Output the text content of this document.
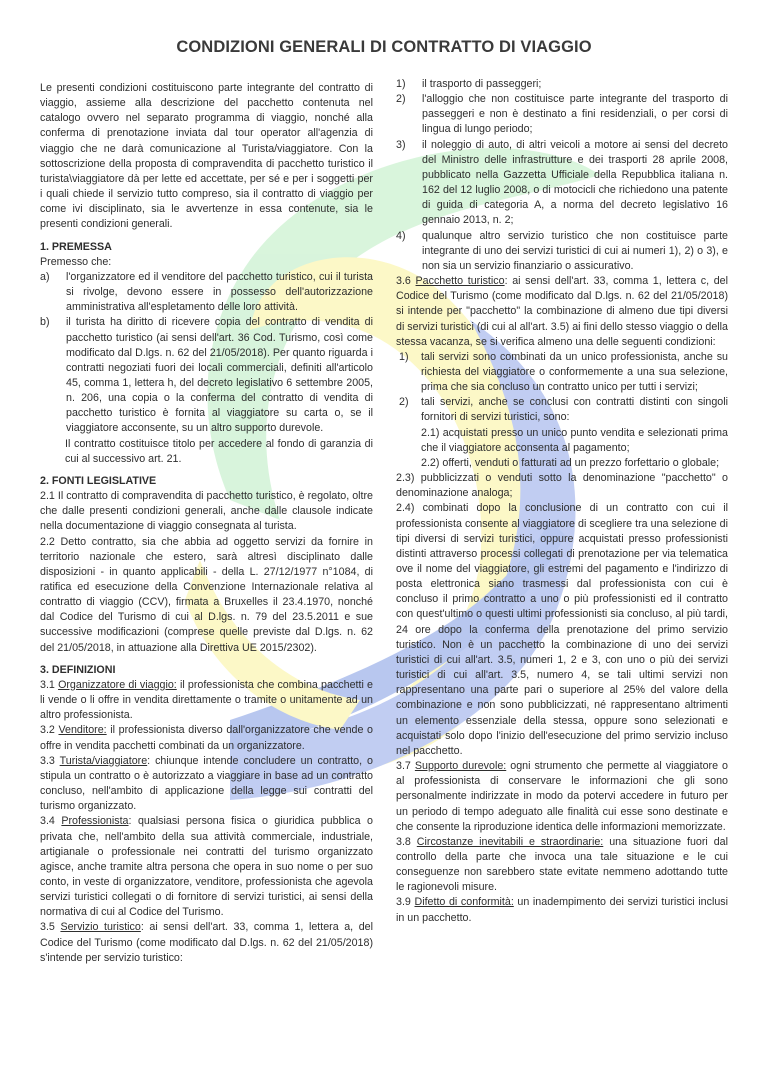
CONDIZIONI GENERALI DI CONTRATTO DI VIAGGIO

Le presenti condizioni costituiscono parte integrante del contratto di viaggio, assieme alla descrizione del pacchetto contenuta nel catalogo ovvero nel separato programma di viaggio, nonché alla conferma di prenotazione inviata dal tour operator all'agenzia di viaggio che ne darà comunicazione al Turista/viaggiatore. Con la sottoscrizione della proposta di compravendita di pacchetto turistico il turista\viaggiatore dà per lette ed accettate, per sé e per i soggetti per i quali chiede il servizio tutto compreso, sia il contratto di viaggio per come ivi disciplinato, sia le avvertenze in essa contenute, sia le presenti condizioni generali.

1. PREMESSA

Premesso che:

a) l'organizzatore ed il venditore del pacchetto turistico, cui il turista si rivolge, devono essere in possesso dell'autorizzazione amministrativa all'espletamento delle loro attività.
b) il turista ha diritto di ricevere copia del contratto di vendita di pacchetto turistico (ai sensi dell'art. 36 Cod. Turismo, così come modificato dal D.lgs. n. 62 del 21/05/2018). Per quanto riguarda i contratti negoziati fuori dei locali commerciali, definiti all'articolo 45, comma 1, lettera h, del decreto legislativo 6 settembre 2005, n. 206, una copia o la conferma del contratto di vendita di pacchetto turistico è fornita al viaggiatore su carta o, se il viaggiatore acconsente, su un altro supporto durevole.

Il contratto costituisce titolo per accedere al fondo di garanzia di cui al successivo art. 21.

2. FONTI LEGISLATIVE

2.1 Il contratto di compravendita di pacchetto turistico, è regolato, oltre che dalle presenti condizioni generali, anche dalle clausole indicate nella documentazione di viaggio consegnata al turista.

2.2 Detto contratto, sia che abbia ad oggetto servizi da fornire in territorio nazionale che estero, sarà altresì disciplinato dalle disposizioni - in quanto applicabili - della L. 27/12/1977 n°1084, di ratifica ed esecuzione della Convenzione Internazionale relativa al contratto di viaggio (CCV), firmata a Bruxelles il 23.4.1970, nonché dal Codice del Turismo di cui al D.lgs. n. 79 del 23.5.2011 e sue successive modificazioni (comprese quelle previste dal D.lgs. n. 62 del 21/05/2018, in attuazione alla Direttiva UE 2015/2302).

3. DEFINIZIONI

3.1 Organizzatore di viaggio: il professionista che combina pacchetti e li vende o li offre in vendita direttamente o tramite o unitamente ad un altro professionista.

3.2 Venditore: il professionista diverso dall'organizzatore che vende o offre in vendita pacchetti combinati da un organizzatore.

3.3 Turista/viaggiatore: chiunque intende concludere un contratto, o stipula un contratto o è autorizzato a viaggiare in base ad un contratto concluso, nell'ambito di applicazione della legge sui contratti del turismo organizzato.

3.4 Professionista: qualsiasi persona fisica o giuridica pubblica o privata che, nell'ambito della sua attività commerciale, industriale, artigianale o professionale nei contratti del turismo organizzato agisce, anche tramite altra persona che opera in suo nome o per suo conto, in veste di organizzatore, venditore, professionista che agevola servizi turistici collegati o di fornitore di servizi turistici, ai sensi della normativa di cui al Codice del Turismo.

3.5 Servizio turistico: ai sensi dell'art. 33, comma 1, lettera a, del Codice del Turismo (come modificato dal D.lgs. n. 62 del 21/05/2018) s'intende per servizio turistico:

1) il trasporto di passeggeri;
2) l'alloggio che non costituisce parte integrante del trasporto di passeggeri e non è destinato a fini residenziali, o per corsi di lingua di lungo periodo;
3) il noleggio di auto, di altri veicoli a motore ai sensi del decreto del Ministro delle infrastrutture e dei trasporti 28 aprile 2008, pubblicato nella Gazzetta Ufficiale della Repubblica italiana n. 162 del 12 luglio 2008, o di motocicli che richiedono una patente di guida di categoria A, a norma del decreto legislativo 16 gennaio 2013, n. 2;
4) qualunque altro servizio turistico che non costituisce parte integrante di uno dei servizi turistici di cui ai numeri 1), 2) o 3), e non sia un servizio finanziario o assicurativo.

3.6 Pacchetto turistico: ai sensi dell'art. 33, comma 1, lettera c, del Codice del Turismo (come modificato dal D.lgs. n. 62 del 21/05/2018) si intende per "pacchetto" la combinazione di almeno due tipi diversi di servizi turistici (di cui al all'art. 3.5) ai fini dello stesso viaggio o della stessa vacanza, se si verifica almeno una delle seguenti condizioni:

1) tali servizi sono combinati da un unico professionista, anche su richiesta del viaggiatore o conformemente a una sua selezione, prima che sia concluso un contratto unico per tutti i servizi;
2) tali servizi, anche se conclusi con contratti distinti con singoli fornitori di servizi turistici, sono:

2.1) acquistati presso un unico punto vendita e selezionati prima che il viaggiatore acconsenta al pagamento;

2.2) offerti, venduti o fatturati ad un prezzo forfettario o globale;

2.3) pubblicizzati o venduti sotto la denominazione "pacchetto" o denominazione analoga;

2.4) combinati dopo la conclusione di un contratto con cui il professionista consente al viaggiatore di scegliere tra una selezione di tipi diversi di servizi turistici, oppure acquistati presso professionisti distinti attraverso processi collegati di prenotazione per via telematica ove il nome del viaggiatore, gli estremi del pagamento e l'indirizzo di posta elettronica siano trasmessi dal professionista con cui è concluso il primo contratto a uno o più professionisti ed il contratto con quest'ultimo o questi ultimi professionisti sia concluso, al più tardi, 24 ore dopo la conferma della prenotazione del primo servizio turistico. Non è un pacchetto la combinazione di uno dei servizi turistici di cui all'art. 3.5, numeri 1, 2 e 3, con uno o più dei servizi turistici di cui all'art. 3.5, numero 4, se tali ultimi servizi non rappresentano una parte pari o superiore al 25% del valore della combinazione e non sono pubblicizzati, né rappresentano altrimenti un elemento essenziale della stessa, oppure sono selezionati e acquistati solo dopo l'inizio dell'esecuzione del primo servizio incluso nel pacchetto.

3.7 Supporto durevole: ogni strumento che permette al viaggiatore o al professionista di conservare le informazioni che gli sono personalmente indirizzate in modo da potervi accedere in futuro per un periodo di tempo adeguato alle finalità cui esse sono destinate e che consente la riproduzione identica delle informazioni memorizzate.

3.8 Circostanze inevitabili e straordinarie: una situazione fuori dal controllo della parte che invoca una tale situazione e le cui conseguenze non sarebbero state evitate nemmeno adottando tutte le ragionevoli misure.

3.9 Difetto di conformità: un inadempimento dei servizi turistici inclusi in un pacchetto.
